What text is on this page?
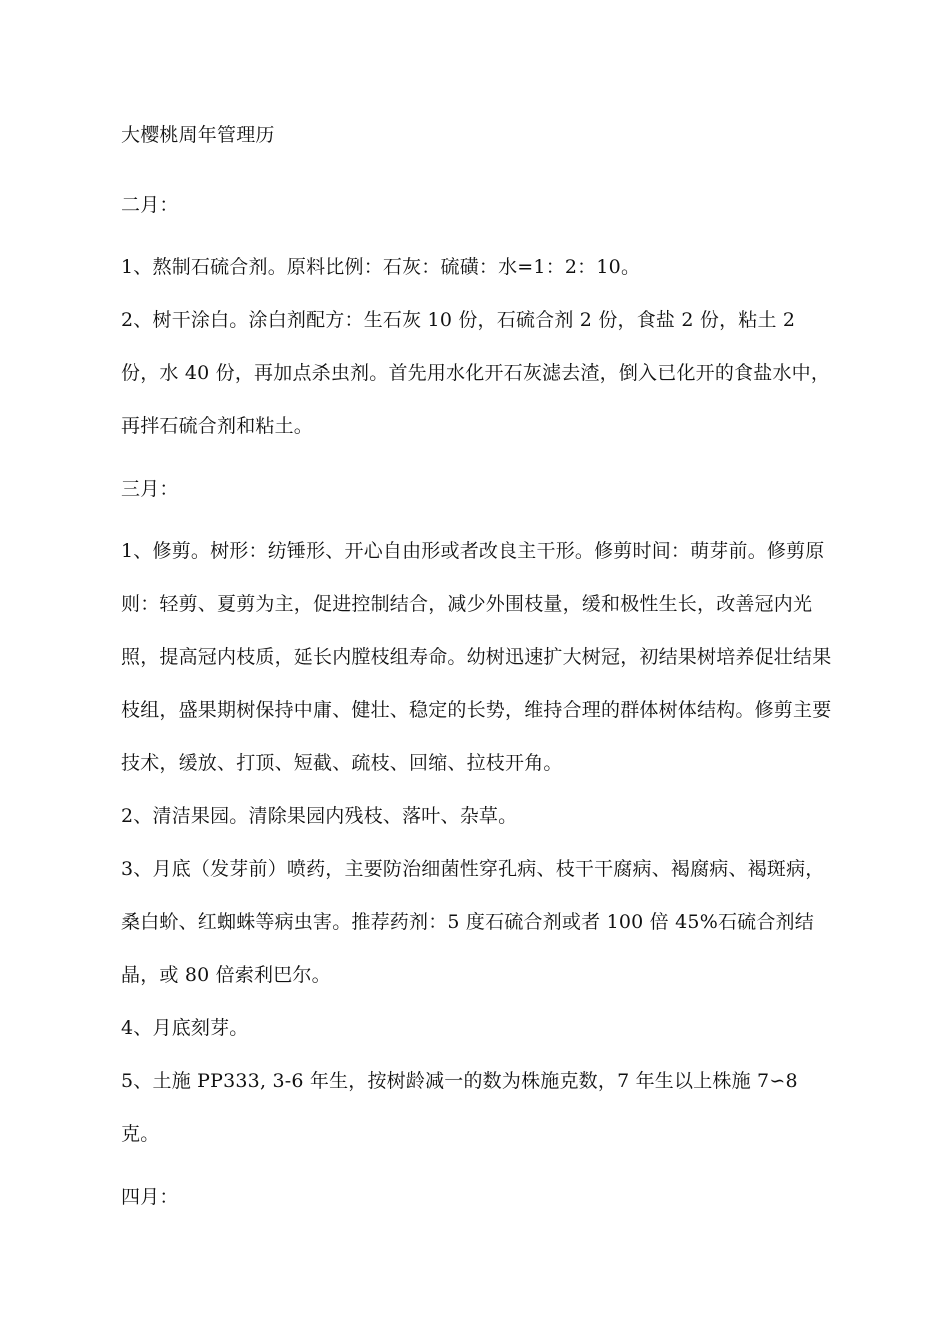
大樱桃周年管理历
二月：

1、熬制石硫合剂。原料比例：石灰：硫磺：水=1：2：10。

2、树干涂白。涂白剂配方：生石灰 10 份，石硫合剂 2 份，食盐 2 份，粘土 2 份，水 40 份，再加点杀虫剂。首先用水化开石灰滤去渣，倒入已化开的食盐水中，再拌石硫合剂和粘土。

三月：

1、修剪。树形：纺锤形、开心自由形或者改良主干形。修剪时间：萌芽前。修剪原则：轻剪、夏剪为主，促进控制结合，减少外围枝量，缓和极性生长，改善冠内光照，提高冠内枝质，延长内膛枝组寿命。幼树迅速扩大树冠，初结果树培养促壮结果枝组，盛果期树保持中庸、健壮、稳定的长势，维持合理的群体树体结构。修剪主要技术，缓放、打顶、短截、疏枝、回缩、拉枝开角。

2、清洁果园。清除果园内残枝、落叶、杂草。

3、月底（发芽前）喷药，主要防治细菌性穿孔病、枝干干腐病、褐腐病、褐斑病，桑白蚧、红蜘蛛等病虫害。推荐药剂：5 度石硫合剂或者 100 倍 45%石硫合剂结晶，或 80 倍索利巴尔。

4、月底刻芽。

5、土施 PP333, 3-6 年生，按树龄减一的数为株施克数，7 年生以上株施 7∽8 克。

四月：
